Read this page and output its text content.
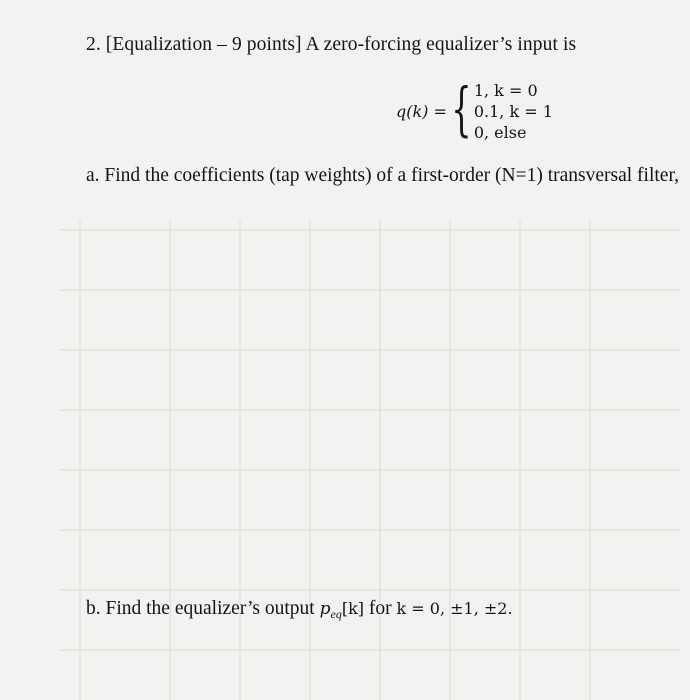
2. [Equalization – 9 points] A zero-forcing equalizer’s input is
q(k) = { 1, k = 0
0.1, k = 1
0, else
a. Find the coefficients (tap weights) of a first-order (N=1) transversal filter,
b. Find the equalizer’s output $p_{eq}[k]$ for k = 0, ±1, ±2.
